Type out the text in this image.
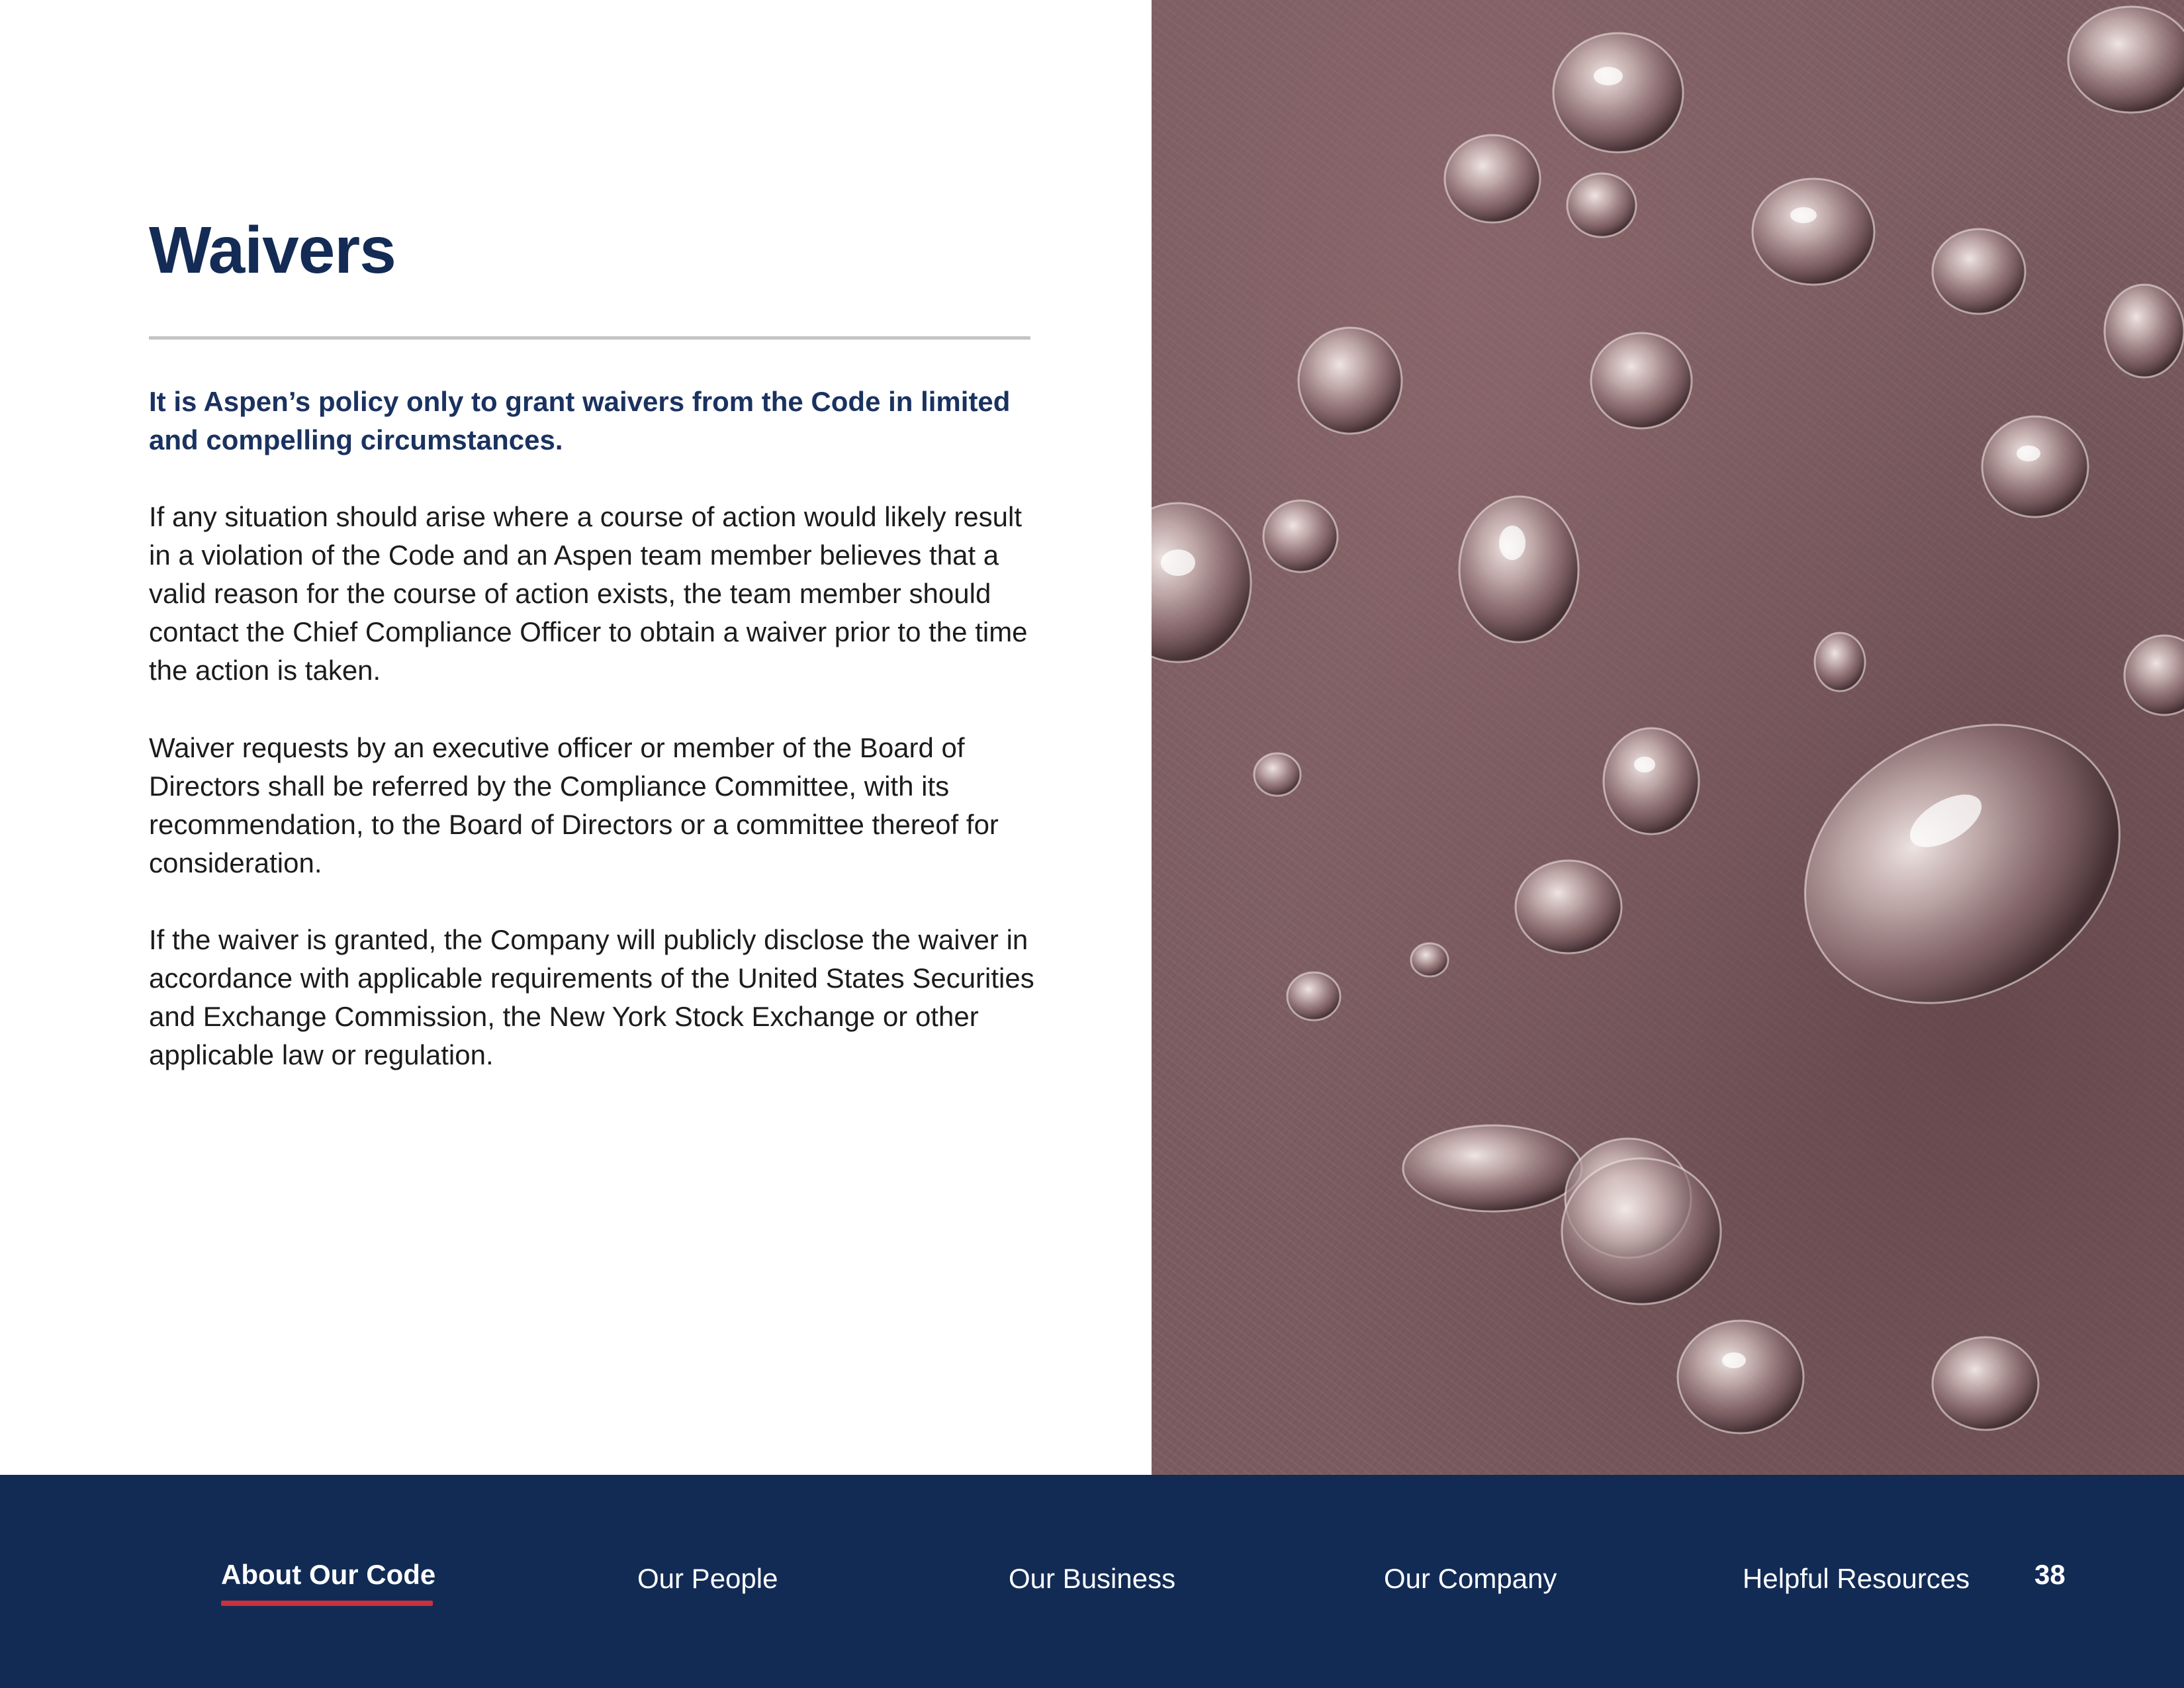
Waivers

It is Aspen’s policy only to grant waivers from the Code in limited and compelling circumstances.

If any situation should arise where a course of action would likely result in a violation of the Code and an Aspen team member believes that a valid reason for the course of action exists, the team member should contact the Chief Compliance Officer to obtain a waiver prior to the time the action is taken.

Waiver requests by an executive officer or member of the Board of Directors shall be referred by the Compliance Committee, with its recommendation, to the Board of Directors or a committee thereof for consideration.

If the waiver is granted, the Company will publicly disclose the waiver in accordance with applicable requirements of the United States Securities and Exchange Commission, the New York Stock Exchange or other applicable law or regulation.

About Our Code	Our People	Our Business	Our Company	Helpful Resources 38
